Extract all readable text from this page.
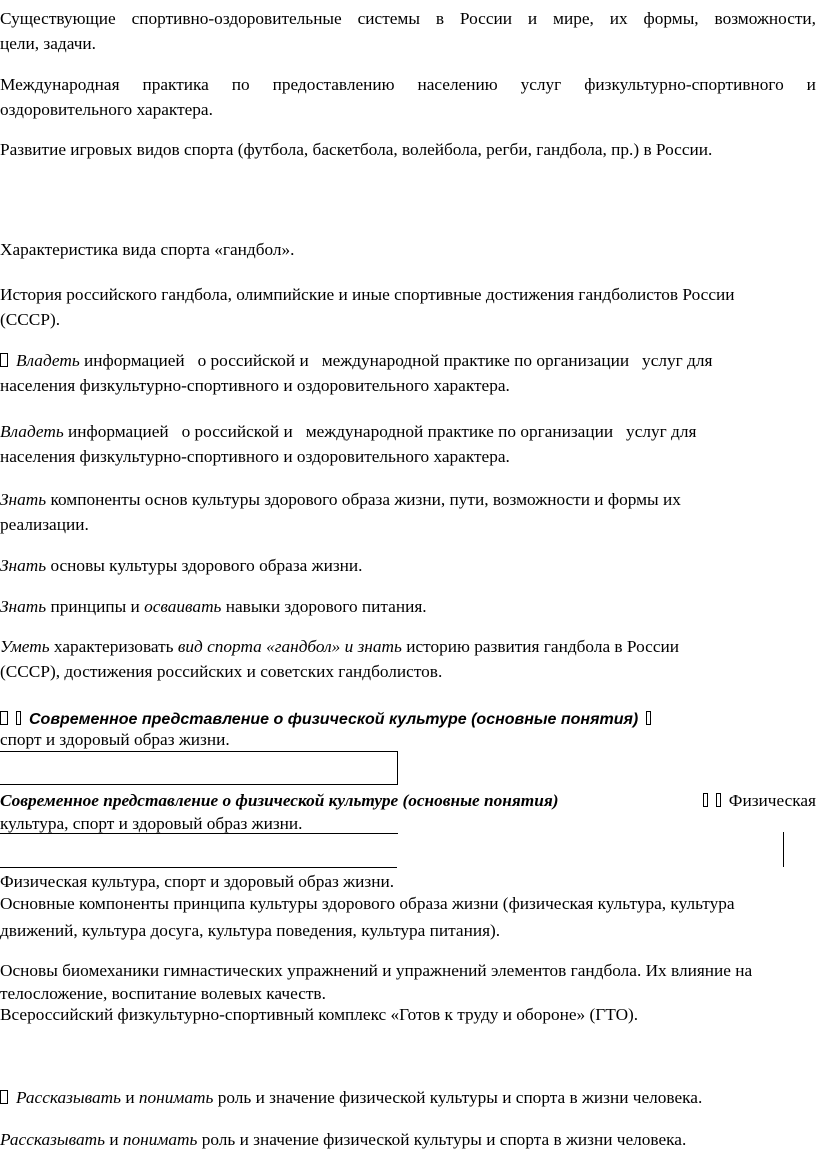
Существующие спортивно-оздоровительные системы в России и мире, их формы, возможности,

цели, задачи.

Международная практика по предоставлению населению услуг физкультурно-спортивного и

оздоровительного характера.

Развитие игровых видов спорта (футбола, баскетбола, волейбола, регби, гандбола, пр.) в России.

Характеристика вида спорта «гандбол».

История российского гандбола, олимпийские и иные спортивные достижения гандболистов России

(СССР).

Владеть информацией   о российской и   международной практике по организации   услуг для

населения физкультурно-спортивного и оздоровительного характера.

Владеть информацией   о российской и   международной практике по организации   услуг для

населения физкультурно-спортивного и оздоровительного характера.

Знать компоненты основ культуры здорового образа жизни, пути, возможности и формы их

реализации.

Знать основы культуры здорового образа жизни.

Знать принципы и осваивать навыки здорового питания.

Уметь характеризовать вид спорта «гандбол» и знать историю развития гандбола в России

(СССР), достижения российских и советских гандболистов.

Современное представление о физической культуре (основные понятия)

спорт и здоровый образ жизни.

Современное представление о физической культуре (основные понятия)	Физическая

культура, спорт и здоровый образ жизни.

Физическая культура, спорт и здоровый образ жизни.

Основные компоненты принципа культуры здорового образа жизни (физическая культура, культура

движений, культура досуга, культура поведения, культура питания).

Основы биомеханики гимнастических упражнений и упражнений элементов гандбола. Их влияние на

телосложение, воспитание волевых качеств.

Всероссийский физкультурно-спортивный комплекс «Готов к труду и обороне» (ГТО).

Рассказывать и понимать роль и значение физической культуры и спорта в жизни человека.

Рассказывать и понимать роль и значение физической культуры и спорта в жизни человека.
